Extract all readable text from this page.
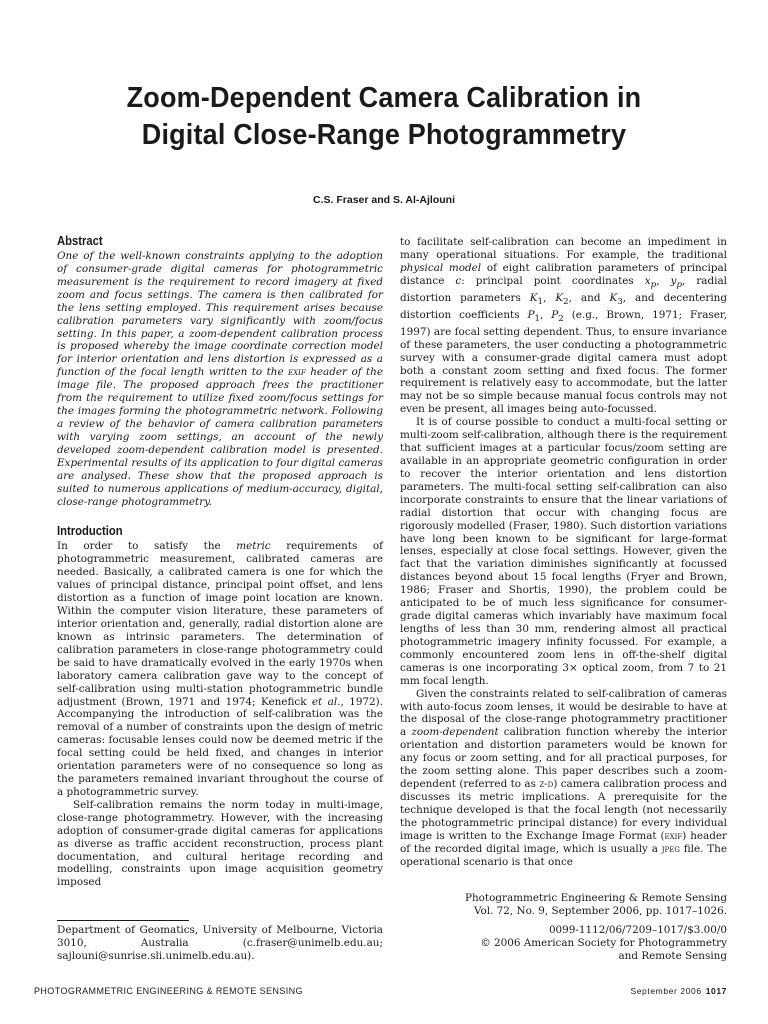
Zoom-Dependent Camera Calibration in
Digital Close-Range Photogrammetry
C.S. Fraser and S. Al-Ajlouni
Abstract

One of the well-known constraints applying to the adoption of consumer-grade digital cameras for photogrammetric measurement is the requirement to record imagery at fixed zoom and focus settings. The camera is then calibrated for the lens setting employed. This requirement arises because calibration parameters vary significantly with zoom/focus setting. In this paper, a zoom-dependent calibration process is proposed whereby the image coordinate correction model for interior orientation and lens distortion is expressed as a function of the focal length written to the exif header of the image file. The proposed approach frees the practitioner from the requirement to utilize fixed zoom/focus settings for the images forming the photogrammetric network. Following a review of the behavior of camera calibration parameters with varying zoom settings, an account of the newly developed zoom-dependent calibration model is presented. Experimental results of its application to four digital cameras are analysed. These show that the proposed approach is suited to numerous applications of medium-accuracy, digital, close-range photogrammetry.

Introduction

In order to satisfy the metric requirements of photogrammetric measurement, calibrated cameras are needed. Basically, a calibrated camera is one for which the values of principal distance, principal point offset, and lens distortion as a function of image point location are known. Within the computer vision literature, these parameters of interior orientation and, generally, radial distortion alone are known as intrinsic parameters. The determination of calibration parameters in close-range photogrammetry could be said to have dramatically evolved in the early 1970s when laboratory camera calibration gave way to the concept of self-calibration using multi-station photogrammetric bundle adjustment (Brown, 1971 and 1974; Kenefick et al., 1972). Accompanying the introduction of self-calibration was the removal of a number of constraints upon the design of metric cameras: focusable lenses could now be deemed metric if the focal setting could be held fixed, and changes in interior orientation parameters were of no consequence so long as the parameters remained invariant throughout the course of a photogrammetric survey.

Self-calibration remains the norm today in multi-image, close-range photogrammetry. However, with the increasing adoption of consumer-grade digital cameras for applications as diverse as traffic accident reconstruction, process plant documentation, and cultural heritage recording and modelling, constraints upon image acquisition geometry imposed

to facilitate self-calibration can become an impediment in many operational situations. For example, the traditional physical model of eight calibration parameters of principal distance c: principal point coordinates $x_p$, $y_p$, radial distortion parameters $K_1$, $K_2$, and $K_3$, and decentering distortion coefficients $P_1$, $P_2$ (e.g., Brown, 1971; Fraser, 1997) are focal setting dependent. Thus, to ensure invariance of these parameters, the user conducting a photogrammetric survey with a consumer-grade digital camera must adopt both a constant zoom setting and fixed focus. The former requirement is relatively easy to accommodate, but the latter may not be so simple because manual focus controls may not even be present, all images being auto-focussed.

It is of course possible to conduct a multi-focal setting or multi-zoom self-calibration, although there is the requirement that sufficient images at a particular focus/zoom setting are available in an appropriate geometric configuration in order to recover the interior orientation and lens distortion parameters. The multi-focal setting self-calibration can also incorporate constraints to ensure that the linear variations of radial distortion that occur with changing focus are rigorously modelled (Fraser, 1980). Such distortion variations have long been known to be significant for large-format lenses, especially at close focal settings. However, given the fact that the variation diminishes significantly at focussed distances beyond about 15 focal lengths (Fryer and Brown, 1986; Fraser and Shortis, 1990), the problem could be anticipated to be of much less significance for consumer-grade digital cameras which invariably have maximum focal lengths of less than 30 mm, rendering almost all practical photogrammetric imagery infinity focussed. For example, a commonly encountered zoom lens in off-the-shelf digital cameras is one incorporating 3× optical zoom, from 7 to 21 mm focal length.

Given the constraints related to self-calibration of cameras with auto-focus zoom lenses, it would be desirable to have at the disposal of the close-range photogrammetry practitioner a zoom-dependent calibration function whereby the interior orientation and distortion parameters would be known for any focus or zoom setting, and for all practical purposes, for the zoom setting alone. This paper describes such a zoom-dependent (referred to as z-d) camera calibration process and discusses its metric implications. A prerequisite for the technique developed is that the focal length (not necessarily the photogrammetric principal distance) for every individual image is written to the Exchange Image Format (exif) header of the recorded digital image, which is usually a jpeg file. The operational scenario is that once

Photogrammetric Engineering & Remote Sensing
Vol. 72, No. 9, September 2006, pp. 1017–1026.
Department of Geomatics, University of Melbourne, Victoria 3010, Australia (c.fraser@unimelb.edu.au; sajlouni@sunrise.sli.unimelb.edu.au).
0099-1112/06/7209–1017/$3.00/0
© 2006 American Society for Photogrammetry
and Remote Sensing
PHOTOGRAMMETRIC ENGINEERING & REMOTE SENSING	September 2006 1017
